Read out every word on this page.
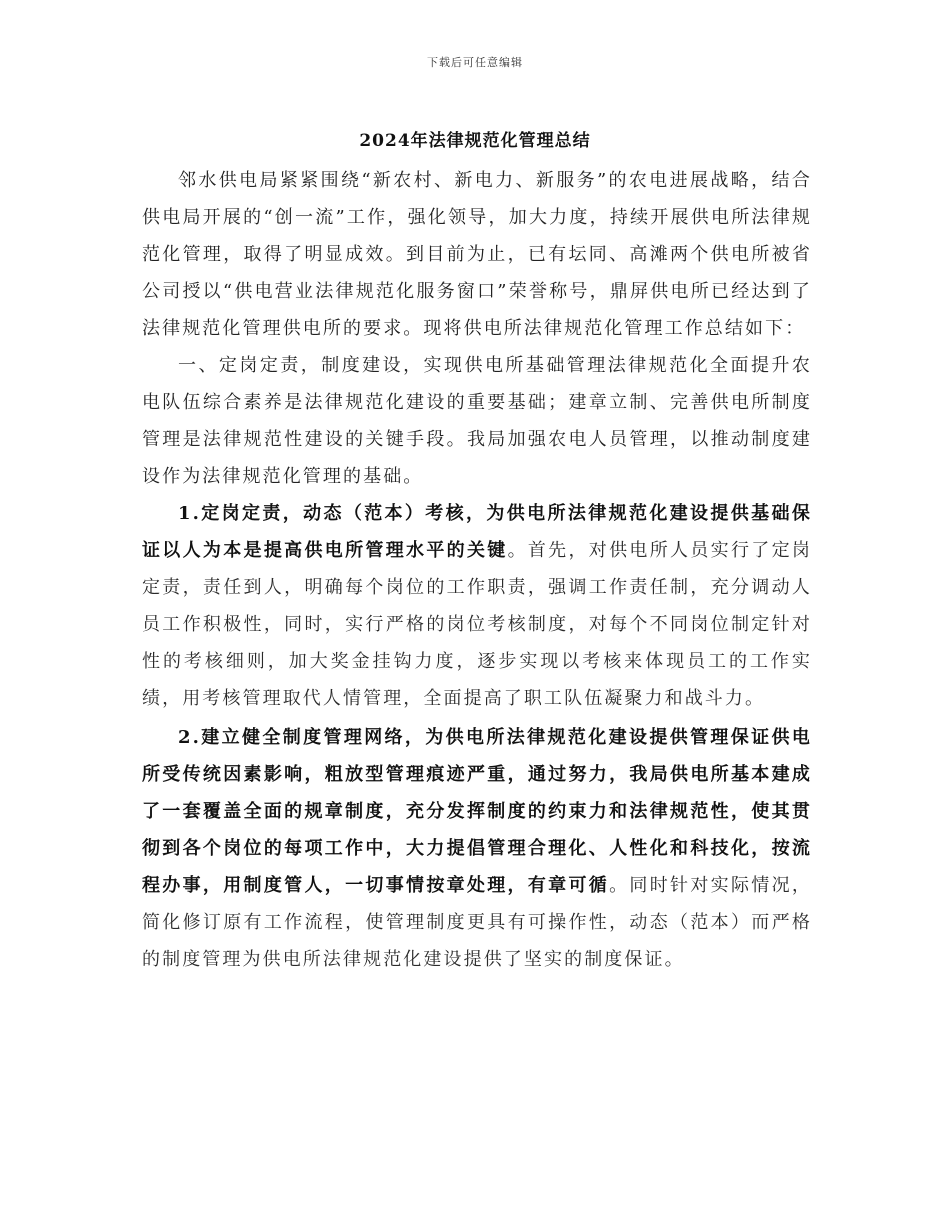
下载后可任意编辑
2024年法律规范化管理总结

邻水供电局紧紧围绕“新农村、新电力、新服务”的农电进展战略，结合供电局开展的“创一流”工作，强化领导，加大力度，持续开展供电所法律规范化管理，取得了明显成效。到目前为止，已有坛同、高滩两个供电所被省公司授以“供电营业法律规范化服务窗口”荣誉称号，鼎屏供电所已经达到了法律规范化管理供电所的要求。现将供电所法律规范化管理工作总结如下：

一、定岗定责，制度建设，实现供电所基础管理法律规范化全面提升农电队伍综合素养是法律规范化建设的重要基础；建章立制、完善供电所制度管理是法律规范性建设的关键手段。我局加强农电人员管理，以推动制度建设作为法律规范化管理的基础。

1.定岗定责，动态（范本）考核，为供电所法律规范化建设提供基础保证以人为本是提高供电所管理水平的关键。首先，对供电所人员实行了定岗定责，责任到人，明确每个岗位的工作职责，强调工作责任制，充分调动人员工作积极性，同时，实行严格的岗位考核制度，对每个不同岗位制定针对性的考核细则，加大奖金挂钩力度，逐步实现以考核来体现员工的工作实绩，用考核管理取代人情管理，全面提高了职工队伍凝聚力和战斗力。

2.建立健全制度管理网络，为供电所法律规范化建设提供管理保证供电所受传统因素影响，粗放型管理痕迹严重，通过努力，我局供电所基本建成了一套覆盖全面的规章制度，充分发挥制度的约束力和法律规范性，使其贯彻到各个岗位的每项工作中，大力提倡管理合理化、人性化和科技化，按流程办事，用制度管人，一切事情按章处理，有章可循。同时针对实际情况，简化修订原有工作流程，使管理制度更具有可操作性，动态（范本）而严格的制度管理为供电所法律规范化建设提供了坚实的制度保证。
